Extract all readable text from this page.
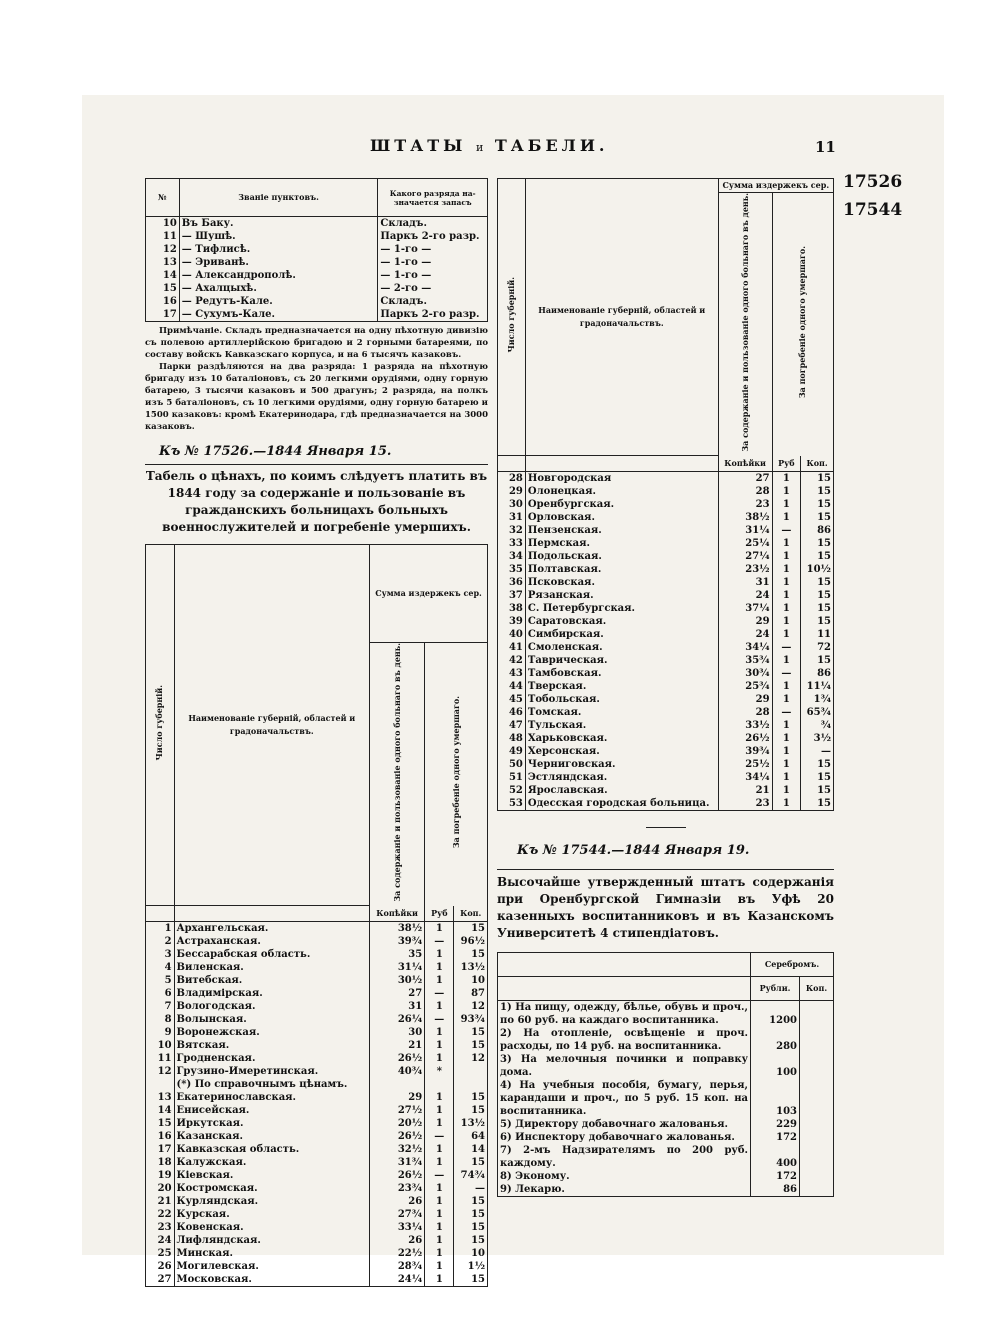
ШТАТЫ и ТАБЕЛИ.	11
17526
17544
№	Званіе пунктовъ.	Какого разряда на- значается запасъ
10	Въ Баку.	Складъ.
11	— Шушѣ.	Паркъ 2-го разр.
12	— Тифлисѣ.	— 1-го —
13	— Эриванѣ.	— 1-го —
14	— Александрополѣ.	— 1-го —
15	— Ахалцыхѣ.	— 2-го —
16	— Редутъ-Кале.	Складъ.
17	— Сухумъ-Кале.	Паркъ 2-го разр.
Примѣчаніе. Складъ предназначается на одну пѣхотную дивизію съ полевою артиллерійскою бригадою и 2 горными батареями, по составу войскъ Кавказскаго корпуса, и на 6 тысячъ казаковъ.
Парки раздѣляются на два разряда: 1 разряда на пѣхотную бригаду изъ 10 баталіоновъ, съ 20 легкими орудіями, одну горную батарею, 3 тысячи казаковъ и 500 драгунъ; 2 разряда, на полкъ изъ 5 баталіоновъ, съ 10 легкими орудіями, одну горную батарею и 1500 казаковъ: кромѣ Екатеринодара, гдѣ предназначается на 3000 казаковъ.
Къ № 17526.—1844 Января 15.
Табель о цѣнахъ, по коимъ слѣдуетъ платить въ 1844 году за содержаніе и пользованіе въ гражданскихъ больницахъ больныхъ военнослужителей и погребеніе умершихъ.
Число губерній.	Наименованіе губерній, областей и градоначальствъ.	Сумма издержекъ сер.		
		За содержаніе и пользованіе одного больнаго въ день.	За погребеніе одного умершаго.	
		Копѣйки	Руб	Коп.
1	Архангельская.	38½	1	15
2	Астраханская.	39¾	—	96½
3	Бессарабская область.	35	1	15
4	Виленская.	31¼	1	13½
5	Витебская.	30½	1	10
6	Владимірская.	27	—	87
7	Вологодская.	31	1	12
8	Волынская.	26¼	—	93¾
9	Воронежская.	30	1	15
10	Вятская.	21	1	15
11	Гродненская.	26½	1	12
12	Грузино-Имеретинская.	40¾	*	
	(*) По справочнымъ цѣнамъ.			
13	Екатеринославская.	29	1	15
14	Енисейская.	27½	1	15
15	Иркутская.	20½	1	13½
16	Казанская.	26½	—	64
17	Кавказская область.	32½	1	14
18	Калужская.	31¾	1	15
19	Кіевская.	26½	—	74¾
20	Костромская.	23¾	1	—
21	Курляндская.	26	1	15
22	Курская.	27¾	1	15
23	Ковенская.	33¼	1	15
24	Лифляндская.	26	1	15
25	Минская.	22½	1	10
26	Могилевская.	28¾	1	1½
27	Московская.	24¼	1	15
Число губерній.	Наименованіе губерній, областей и градоначальствъ.	Сумма издержекъ сер.		
		За содержаніе и пользованіе одного больнаго въ день.	За погребеніе одного умершаго.	
		Копѣйки	Руб	Коп.
28	Новгородская	27	1	15
29	Олонецкая.	28	1	15
30	Оренбургская.	23	1	15
31	Орловская.	38½	1	15
32	Пензенская.	31¼	—	86
33	Пермская.	25¼	1	15
34	Подольская.	27¼	1	15
35	Полтавская.	23½	1	10½
36	Псковская.	31	1	15
37	Рязанская.	24	1	15
38	С. Петербургская.	37¼	1	15
39	Саратовская.	29	1	15
40	Симбирская.	24	1	11
41	Смоленская.	34¼	—	72
42	Таврическая.	35¾	1	15
43	Тамбовская.	30¾	—	86
44	Тверская.	25¾	1	11¼
45	Тобольская.	29	1	1¾
46	Томская.	28	—	65¾
47	Тульская.	33½	1	¾
48	Харьковская.	26½	1	3½
49	Херсонская.	39¾	1	—
50	Черниговская.	25½	1	15
51	Эстляндская.	34¼	1	15
52	Ярославская.	21	1	15
53	Одесская городская больница.	23	1	15
Къ № 17544.—1844 Января 19.
Высочайше утвержденный штатъ содержанія при Оренбургской Гимназіи въ Уфѣ 20 казенныхъ воспитанниковъ и въ Казанскомъ Университетѣ 4 стипендіатовъ.
	Серебромъ.	
	Рубли.	Коп.
1) На пищу, одежду, бѣлье, обувь и проч., по 60 руб. на каждаго воспитанника.	1200	
2) На отопленіе, освѣщеніе и проч. расходы, по 14 руб. на воспитанника.	280	
3) На мелочныя починки и поправку дома.	100	
4) На учебныя пособія, бумагу, перья, карандаши и проч., по 5 руб. 15 коп. на воспитанника.	103	
5) Директору добавочнаго жалованья.	229	
6) Инспектору добавочнаго жалованья.	172	
7) 2-мъ Надзирателямъ по 200 руб. каждому.	400	
8) Эконому.	172	
9) Лекарю.	86	
